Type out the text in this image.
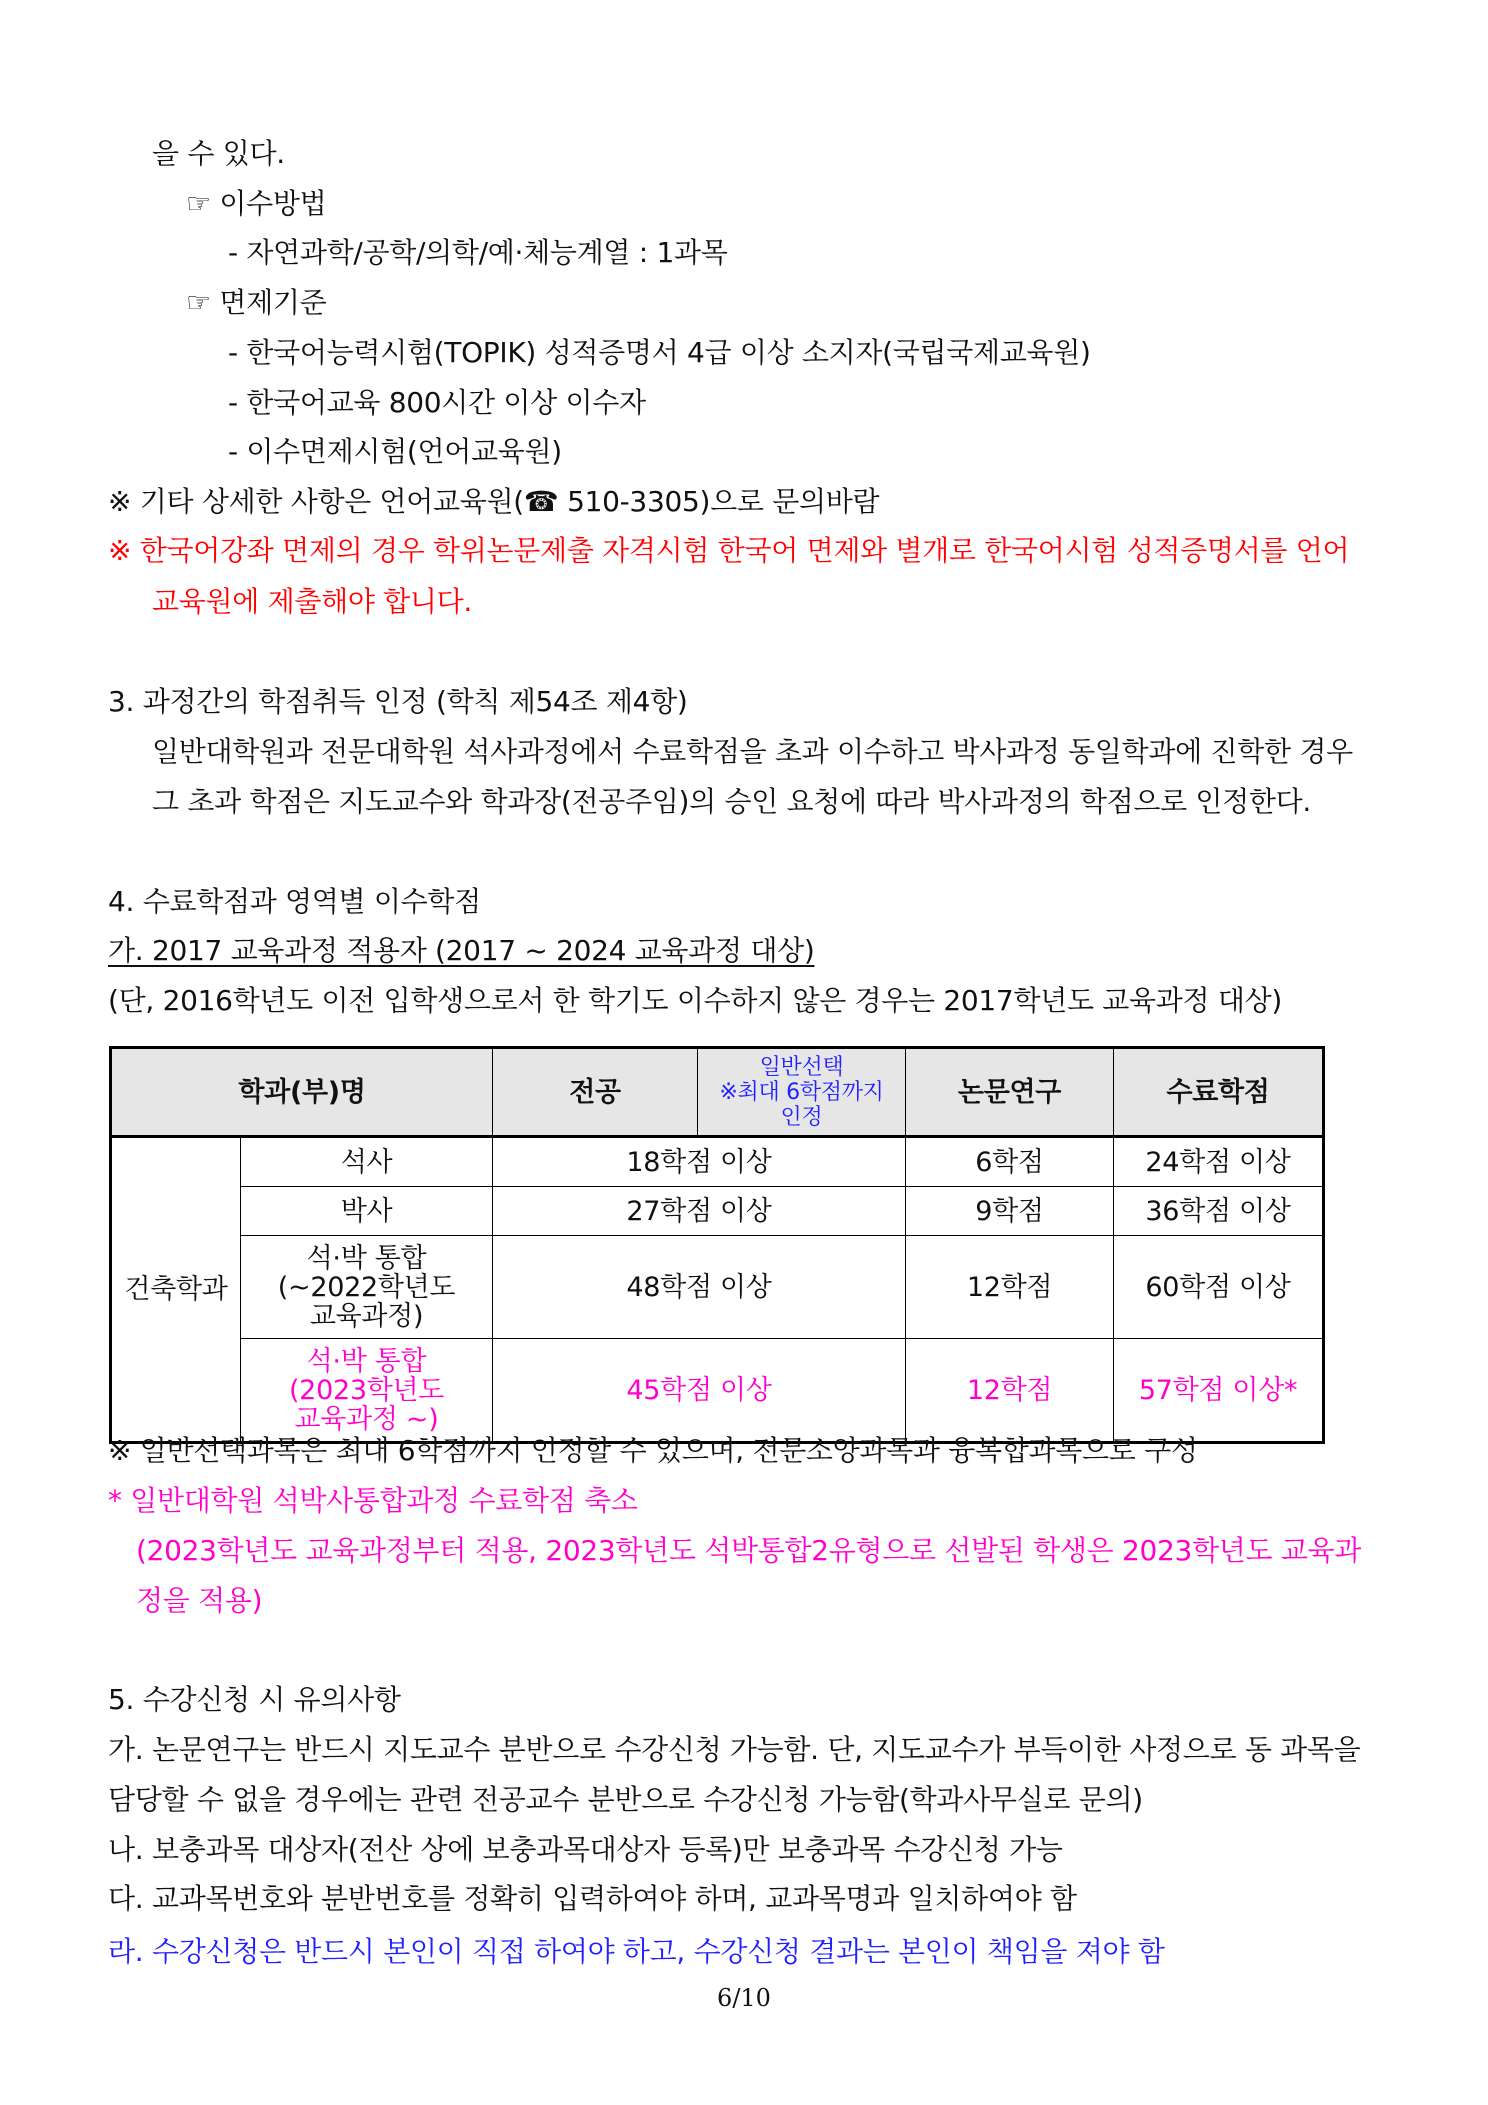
을 수 있다.
☞ 이수방법
- 자연과학/공학/의학/예·체능계열 : 1과목
☞ 면제기준
- 한국어능력시험(TOPIK) 성적증명서 4급 이상 소지자(국립국제교육원)
- 한국어교육 800시간 이상 이수자
- 이수면제시험(언어교육원)
※ 기타 상세한 사항은 언어교육원(☎ 510-3305)으로 문의바람
※ 한국어강좌 면제의 경우 학위논문제출 자격시험 한국어 면제와 별개로 한국어시험 성적증명서를 언어
교육원에 제출해야 합니다.
3. 과정간의 학점취득 인정 (학칙 제54조 제4항)
일반대학원과 전문대학원 석사과정에서 수료학점을 초과 이수하고 박사과정 동일학과에 진학한 경우
그 초과 학점은 지도교수와 학과장(전공주임)의 승인 요청에 따라 박사과정의 학점으로 인정한다.
4. 수료학점과 영역별 이수학점
가. 2017 교육과정 적용자 (2017 ~ 2024 교육과정 대상)
(단, 2016학년도 이전 입학생으로서 한 학기도 이수하지 않은 경우는 2017학년도 교육과정 대상)
학과(부)명		전공	일반선택
※최대 6학점까지
인정	논문연구	수료학점
건축학과	석사	18학점 이상		6학점	24학점 이상
	박사	27학점 이상		9학점	36학점 이상

	석·박 통합
(~2022학년도
교육과정)	48학점 이상		12학점	60학점 이상

	석·박 통합
(2023학년도
교육과정 ~)	45학점 이상		12학점	57학점 이상*
※ 일반선택과목은 최대 6학점까지 인정할 수 있으며, 전문소양과목과 융복합과목으로 구성
* 일반대학원 석박사통합과정 수료학점 축소
(2023학년도 교육과정부터 적용, 2023학년도 석박통합2유형으로 선발된 학생은 2023학년도 교육과
정을 적용)
5. 수강신청 시 유의사항
가. 논문연구는 반드시 지도교수 분반으로 수강신청 가능함. 단, 지도교수가 부득이한 사정으로 동 과목을
담당할 수 없을 경우에는 관련 전공교수 분반으로 수강신청 가능함(학과사무실로 문의)
나. 보충과목 대상자(전산 상에 보충과목대상자 등록)만 보충과목 수강신청 가능
다. 교과목번호와 분반번호를 정확히 입력하여야 하며, 교과목명과 일치하여야 함
라. 수강신청은 반드시 본인이 직접 하여야 하고, 수강신청 결과는 본인이 책임을 져야 함
6/10
